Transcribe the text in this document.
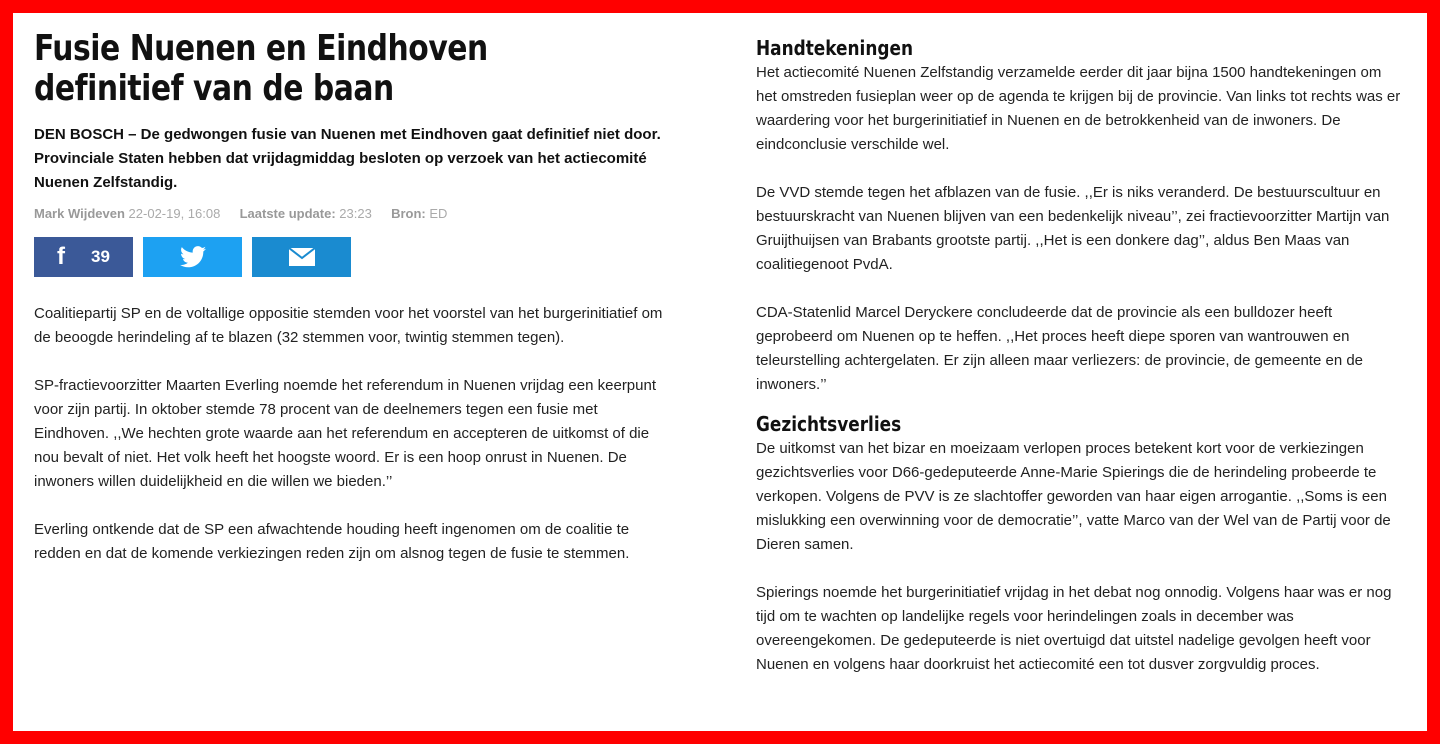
Fusie Nuenen en Eindhoven
definitief van de baan

DEN BOSCH – De gedwongen fusie van Nuenen met Eindhoven gaat definitief niet door. Provinciale Staten hebben dat vrijdagmiddag besloten op verzoek van het actiecomité Nuenen Zelfstandig.

Mark Wijdeven 22-02-19, 16:08 Laatste update: 23:23 Bron: ED
f 39

Coalitiepartij SP en de voltallige oppositie stemden voor het voorstel van het burgerinitiatief om de beoogde herindeling af te blazen (32 stemmen voor, twintig stemmen tegen).

SP-fractievoorzitter Maarten Everling noemde het referendum in Nuenen vrijdag een keerpunt voor zijn partij. In oktober stemde 78 procent van de deelnemers tegen een fusie met Eindhoven. ,,We hechten grote waarde aan het referendum en accepteren de uitkomst of die nou bevalt of niet. Het volk heeft het hoogste woord. Er is een hoop onrust in Nuenen. De inwoners willen duidelijkheid en die willen we bieden.’’

Everling ontkende dat de SP een afwachtende houding heeft ingenomen om de coalitie te redden en dat de komende verkiezingen reden zijn om alsnog tegen de fusie te stemmen.

Handtekeningen

Het actiecomité Nuenen Zelfstandig verzamelde eerder dit jaar bijna 1500 handtekeningen om het omstreden fusieplan weer op de agenda te krijgen bij de provincie. Van links tot rechts was er waardering voor het burgerinitiatief in Nuenen en de betrokkenheid van de inwoners. De eindconclusie verschilde wel.

De VVD stemde tegen het afblazen van de fusie. ,,Er is niks veranderd. De bestuurscultuur en bestuurskracht van Nuenen blijven van een bedenkelijk niveau’’, zei fractievoorzitter Martijn van Gruijthuijsen van Brabants grootste partij. ,,Het is een donkere dag’’, aldus Ben Maas van coalitiegenoot PvdA.

CDA-Statenlid Marcel Deryckere concludeerde dat de provincie als een bulldozer heeft geprobeerd om Nuenen op te heffen. ,,Het proces heeft diepe sporen van wantrouwen en teleurstelling achtergelaten. Er zijn alleen maar verliezers: de provincie, de gemeente en de inwoners.’’

Gezichtsverlies

De uitkomst van het bizar en moeizaam verlopen proces betekent kort voor de verkiezingen gezichtsverlies voor D66-gedeputeerde Anne-Marie Spierings die de herindeling probeerde te verkopen. Volgens de PVV is ze slachtoffer geworden van haar eigen arrogantie. ,,Soms is een mislukking een overwinning voor de democratie’’, vatte Marco van der Wel van de Partij voor de Dieren samen.

Spierings noemde het burgerinitiatief vrijdag in het debat nog onnodig. Volgens haar was er nog tijd om te wachten op landelijke regels voor herindelingen zoals in december was overeengekomen. De gedeputeerde is niet overtuigd dat uitstel nadelige gevolgen heeft voor Nuenen en volgens haar doorkruist het actiecomité een tot dusver zorgvuldig proces.
